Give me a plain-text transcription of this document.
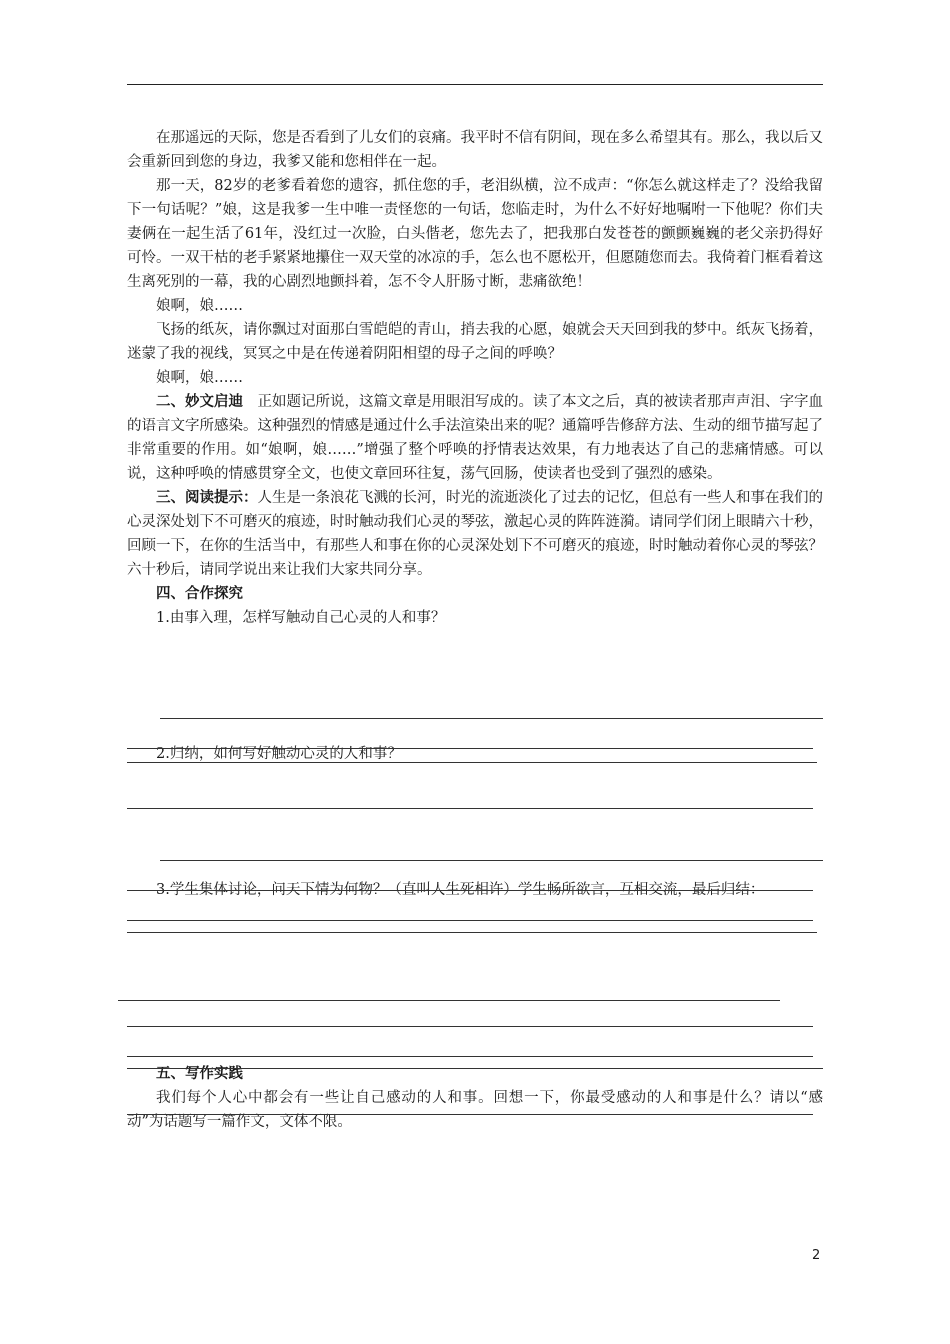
在那遥远的天际，您是否看到了儿女们的哀痛。我平时不信有阴间，现在多么希望其有。那么，我以后又会重新回到您的身边，我爹又能和您相伴在一起。

那一天，82岁的老爹看着您的遗容，抓住您的手，老泪纵横，泣不成声：“你怎么就这样走了？没给我留下一句话呢？”娘，这是我爹一生中唯一责怪您的一句话，您临走时，为什么不好好地嘱咐一下他呢？你们夫妻俩在一起生活了61年，没红过一次脸，白头偕老，您先去了，把我那白发苍苍的颤颤巍巍的老父亲扔得好可怜。一双干枯的老手紧紧地攥住一双天堂的冰凉的手，怎么也不愿松开，但愿随您而去。我倚着门框看着这生离死别的一幕，我的心剧烈地颤抖着，怎不令人肝肠寸断，悲痛欲绝！

娘啊，娘……

飞扬的纸灰，请你飘过对面那白雪皑皑的青山，捎去我的心愿，娘就会天天回到我的梦中。纸灰飞扬着，迷蒙了我的视线，冥冥之中是在传递着阴阳相望的母子之间的呼唤？

娘啊，娘……

二、妙文启迪　正如题记所说，这篇文章是用眼泪写成的。读了本文之后，真的被读者那声声泪、字字血的语言文字所感染。这种强烈的情感是通过什么手法渲染出来的呢？通篇呼告修辞方法、生动的细节描写起了非常重要的作用。如“娘啊，娘……”增强了整个呼唤的抒情表达效果，有力地表达了自己的悲痛情感。可以说，这种呼唤的情感贯穿全文，也使文章回环往复，荡气回肠，使读者也受到了强烈的感染。

三、阅读提示：人生是一条浪花飞溅的长河，时光的流逝淡化了过去的记忆，但总有一些人和事在我们的心灵深处划下不可磨灭的痕迹，时时触动我们心灵的琴弦，激起心灵的阵阵涟漪。请同学们闭上眼睛六十秒，回顾一下，在你的生活当中，有那些人和事在你的心灵深处划下不可磨灭的痕迹，时时触动着你心灵的琴弦？六十秒后，请同学说出来让我们大家共同分享。

四、合作探究

1.由事入理，怎样写触动自己心灵的人和事？

2.归纳，如何写好触动心灵的人和事？

3.学生集体讨论，问天下情为何物？（直叫人生死相许）学生畅所欲言，互相交流，最后归结：

五、写作实践

我们每个人心中都会有一些让自己感动的人和事。回想一下，你最受感动的人和事是什么？请以“感动”为话题写一篇作文，文体不限。

2
